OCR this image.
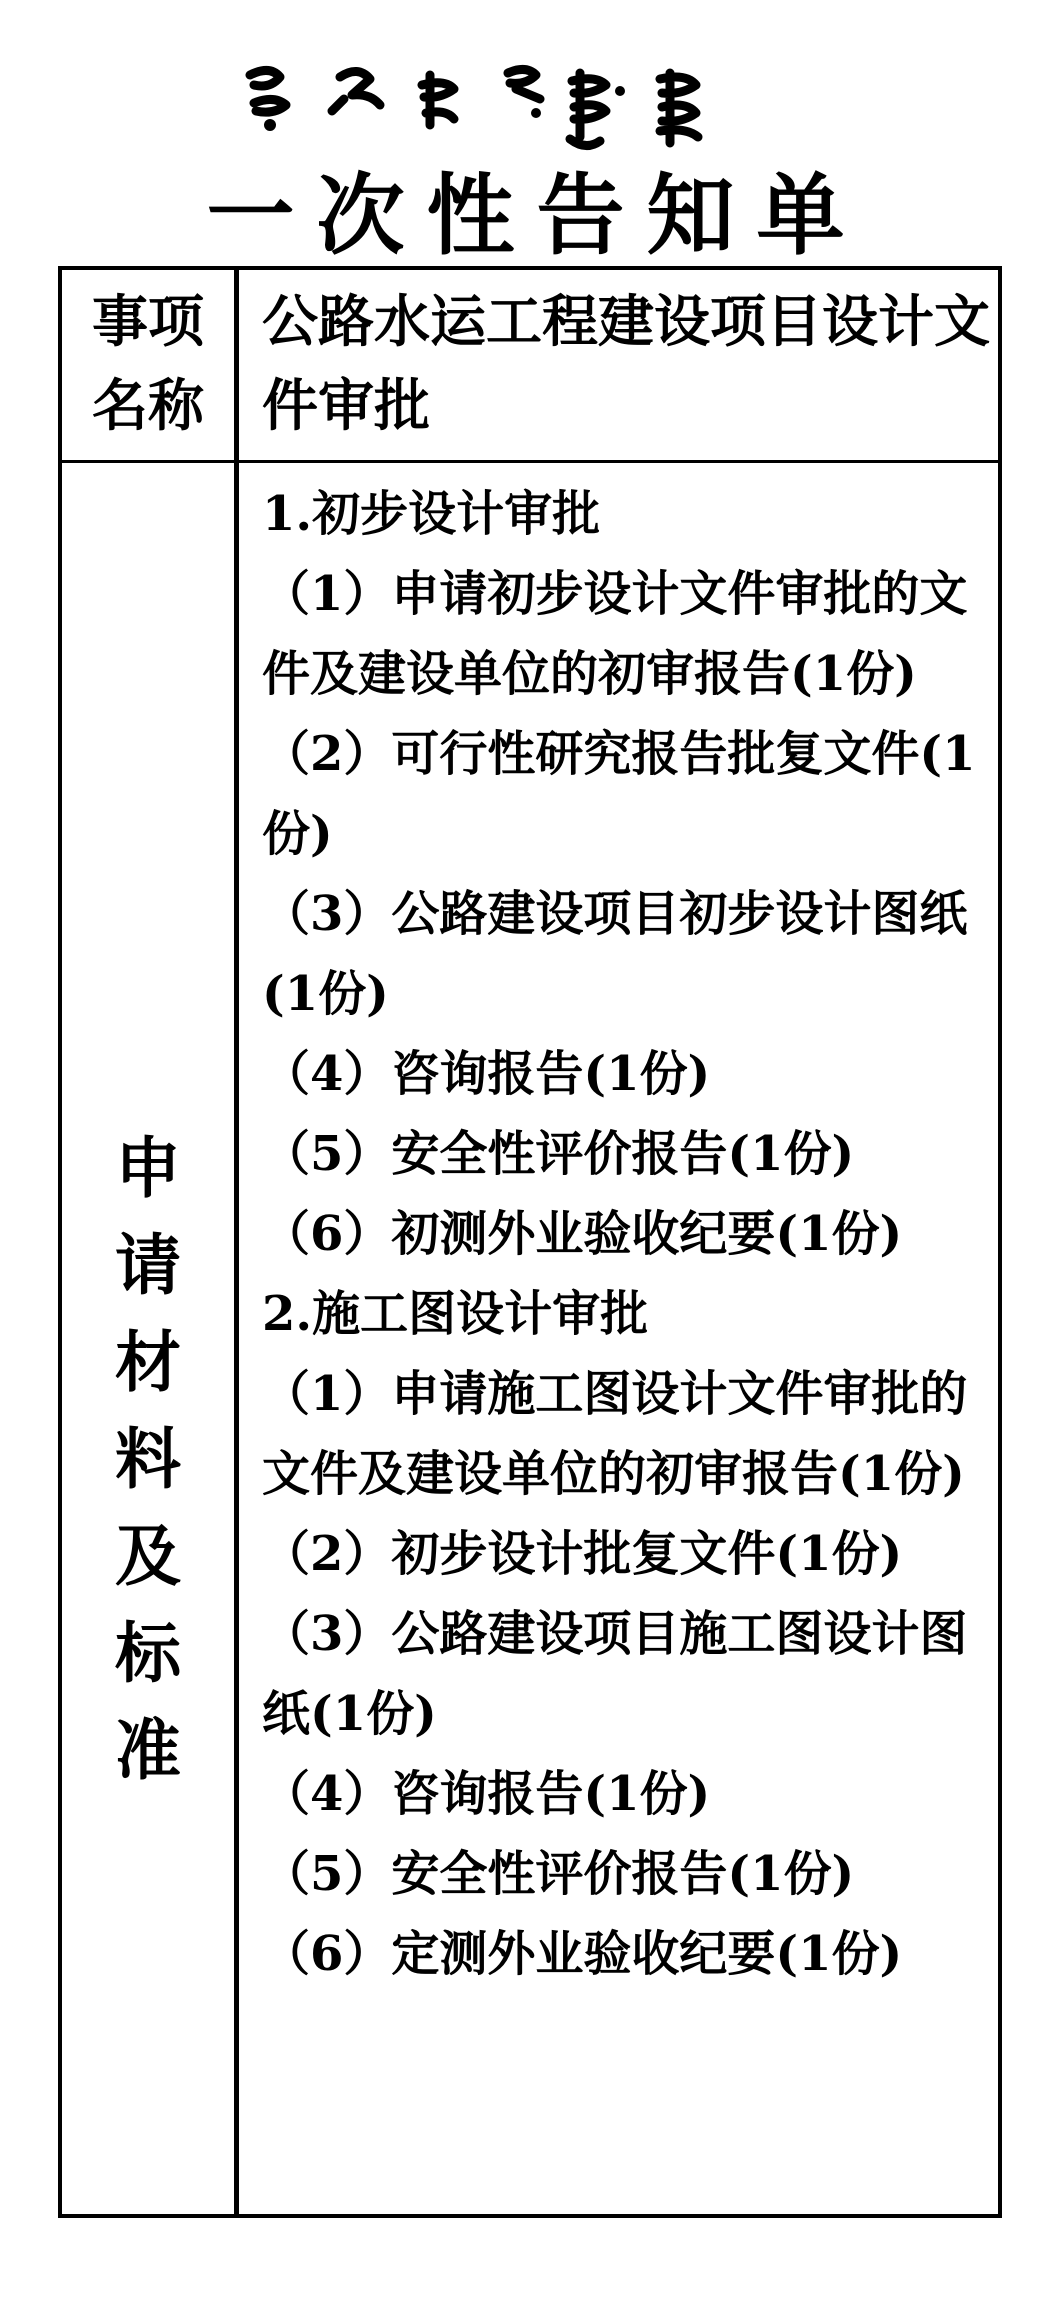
一次性告知单
事项
名称
公路水运工程建设项目设计文件审批
申
请
材
料
及
标
准
1.初步设计审批
（1）申请初步设计文件审批的文件及建设单位的初审报告(1份)
（2）可行性研究报告批复文件(1份)
（3）公路建设项目初步设计图纸(1份)
（4）咨询报告(1份)
（5）安全性评价报告(1份)
（6）初测外业验收纪要(1份)
2.施工图设计审批
（1）申请施工图设计文件审批的文件及建设单位的初审报告(1份)
（2）初步设计批复文件(1份)
（3）公路建设项目施工图设计图纸(1份)
（4）咨询报告(1份)
（5）安全性评价报告(1份)
（6）定测外业验收纪要(1份)
